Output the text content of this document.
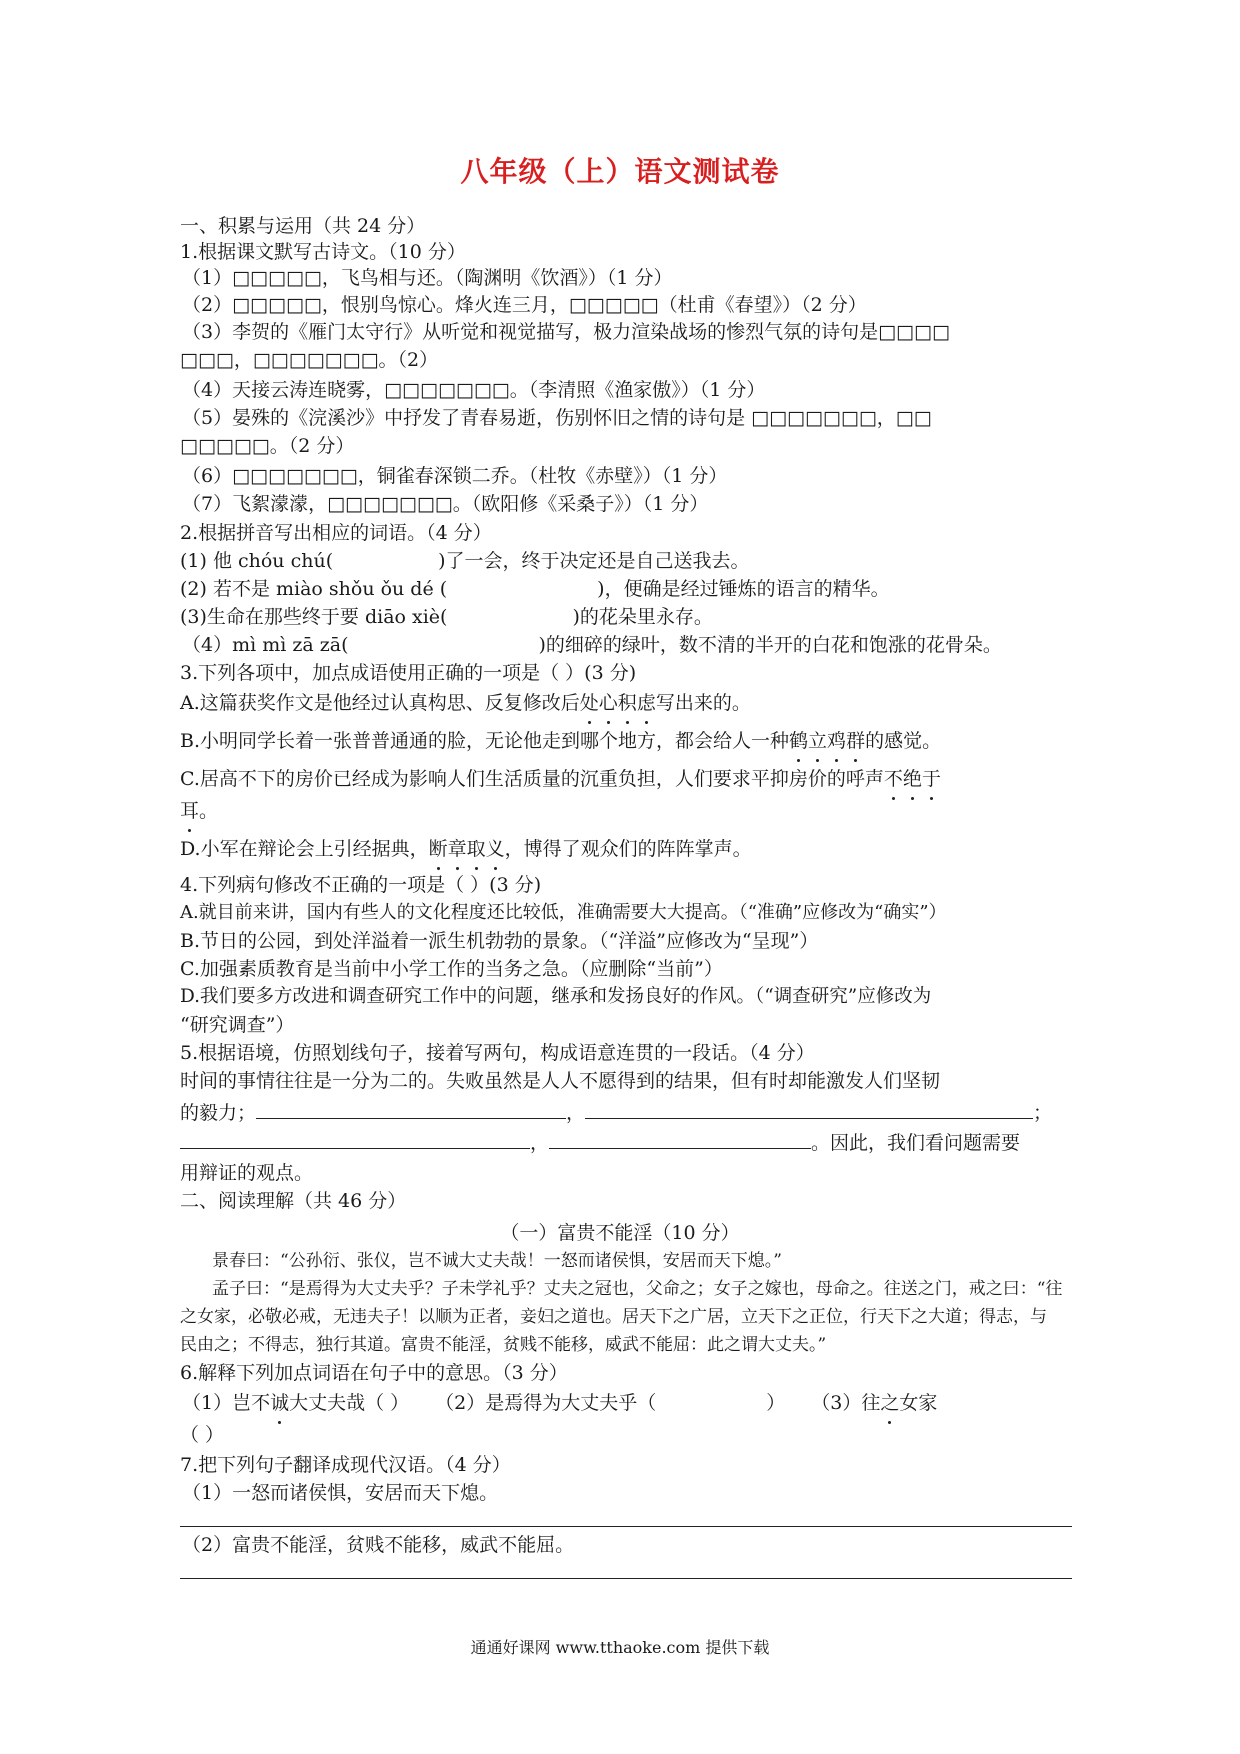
八年级（上）语文测试卷
一、积累与运用（共 24 分）
1.根据课文默写古诗文。（10 分）
（1）□□□□□，飞鸟相与还。（陶渊明《饮酒》）（1 分）
（2）□□□□□，恨别鸟惊心。烽火连三月，□□□□□（杜甫《春望》）（2 分）
（3）李贺的《雁门太守行》从听觉和视觉描写，极力渲染战场的惨烈气氛的诗句是□□□□
□□□，□□□□□□□。（2）
（4）天接云涛连晓雾，□□□□□□□。（李清照《渔家傲》）（1 分）
（5）晏殊的《浣溪沙》中抒发了青春易逝，伤别怀旧之情的诗句是 □□□□□□□，□□
□□□□□。（2 分）
（6）□□□□□□□，铜雀春深锁二乔。（杜牧《赤壁》）（1 分）
（7）飞絮濛濛，□□□□□□□。（欧阳修《采桑子》）（1 分）
2.根据拼音写出相应的词语。（4 分）
(1) 他 chóu chú(	)了一会，终于决定还是自己送我去。
(2) 若不是 miào shǒu ǒu dé (	)，便确是经过锤炼的语言的精华。
(3)生命在那些终于要 diāo xiè(	)的花朵里永存。
（4）mì mì zā zā(	)的细碎的绿叶，数不清的半开的白花和饱涨的花骨朵。
3.下列各项中，加点成语使用正确的一项是（ ）(3 分)
A.这篇获奖作文是他经过认真构思、反复修改后处心积虑写出来的。
B.小明同学长着一张普普通通的脸，无论他走到哪个地方，都会给人一种鹤立鸡群的感觉。
C.居高不下的房价已经成为影响人们生活质量的沉重负担，人们要求平抑房价的呼声不绝于
耳。
D.小军在辩论会上引经据典，断章取义，博得了观众们的阵阵掌声。
4.下列病句修改不正确的一项是（ ）(3 分)
A.就目前来讲，国内有些人的文化程度还比较低，准确需要大大提高。（“准确”应修改为“确实”）
B.节日的公园，到处洋溢着一派生机勃勃的景象。（“洋溢”应修改为“呈现”）
C.加强素质教育是当前中小学工作的当务之急。（应删除“当前”）
D.我们要多方改进和调查研究工作中的问题，继承和发扬良好的作风。（“调查研究”应修改为
“研究调查”）
5.根据语境，仿照划线句子，接着写两句，构成语意连贯的一段话。（4 分）
时间的事情往往是一分为二的。失败虽然是人人不愿得到的结果，但有时却能激发人们坚韧
的毅力；	，	；
，	。因此，我们看问题需要
用辩证的观点。
二、阅读理解（共 46 分）
（一）富贵不能淫（10 分）
景春曰：“公孙衍、张仪，岂不诚大丈夫哉！一怒而诸侯惧，安居而天下熄。”
孟子曰：“是焉得为大丈夫乎？子未学礼乎？丈夫之冠也，父命之；女子之嫁也，母命之。往送之门，戒之曰：“往
之女家，必敬必戒，无违夫子！以顺为正者，妾妇之道也。居天下之广居，立天下之正位，行天下之大道；得志，与
民由之；不得志，独行其道。富贵不能淫，贫贱不能移，威武不能屈：此之谓大丈夫。”
6.解释下列加点词语在句子中的意思。（3 分）
（1）岂不诚大丈夫哉（ ） （2）是焉得为大丈夫乎（	） （3）往之女家
（ ）
7.把下列句子翻译成现代汉语。（4 分）
（1）一怒而诸侯惧，安居而天下熄。
（2）富贵不能淫，贫贱不能移，威武不能屈。
通通好课网 www.tthaoke.com 提供下载
